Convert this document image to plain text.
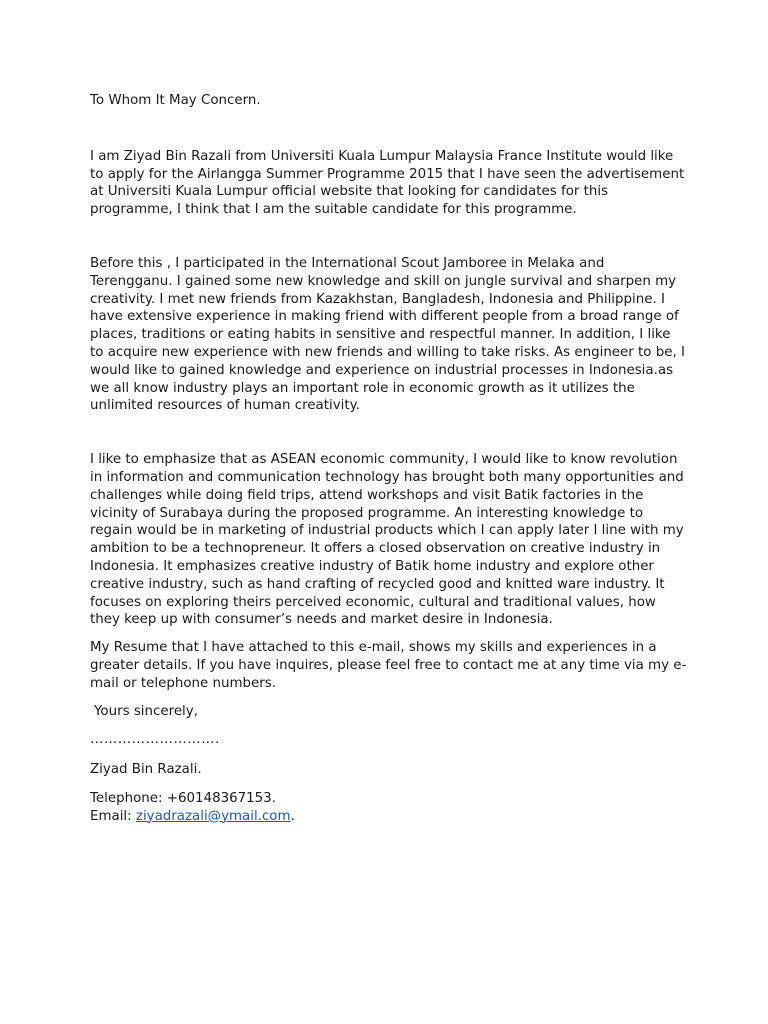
To Whom It May Concern.

I am Ziyad Bin Razali from Universiti Kuala Lumpur Malaysia France Institute would like to apply for the Airlangga Summer Programme 2015 that I have seen the advertisement at Universiti Kuala Lumpur official website that looking for candidates for this programme, I think that I am the suitable candidate for this programme.

Before this , I participated in the International Scout Jamboree in Melaka and Terengganu. I gained some new knowledge and skill on jungle survival and sharpen my creativity. I met new friends from Kazakhstan, Bangladesh, Indonesia and Philippine. I have extensive experience in making friend with different people from a broad range of places, traditions or eating habits in sensitive and respectful manner. In addition, I like to acquire new experience with new friends and willing to take risks. As engineer to be, I would like to gained knowledge and experience on industrial processes in Indonesia.as we all know industry plays an important role in economic growth as it utilizes the unlimited resources of human creativity.

I like to emphasize that as ASEAN economic community, I would like to know revolution in information and communication technology has brought both many opportunities and challenges while doing field trips, attend workshops and visit Batik factories in the vicinity of Surabaya during the proposed programme. An interesting knowledge to regain would be in marketing of industrial products which I can apply later I line with my ambition to be a technopreneur. It offers a closed observation on creative industry in Indonesia. It emphasizes creative industry of Batik home industry and explore other creative industry, such as hand crafting of recycled good and knitted ware industry. It focuses on exploring theirs perceived economic, cultural and traditional values, how they keep up with consumer’s needs and market desire in Indonesia.

My Resume that I have attached to this e-mail, shows my skills and experiences in a greater details. If you have inquires, please feel free to contact me at any time via my e-mail or telephone numbers.

Yours sincerely,

……………………….

Ziyad Bin Razali.

Telephone: +60148367153.

Email: ziyadrazali@ymail.com.
